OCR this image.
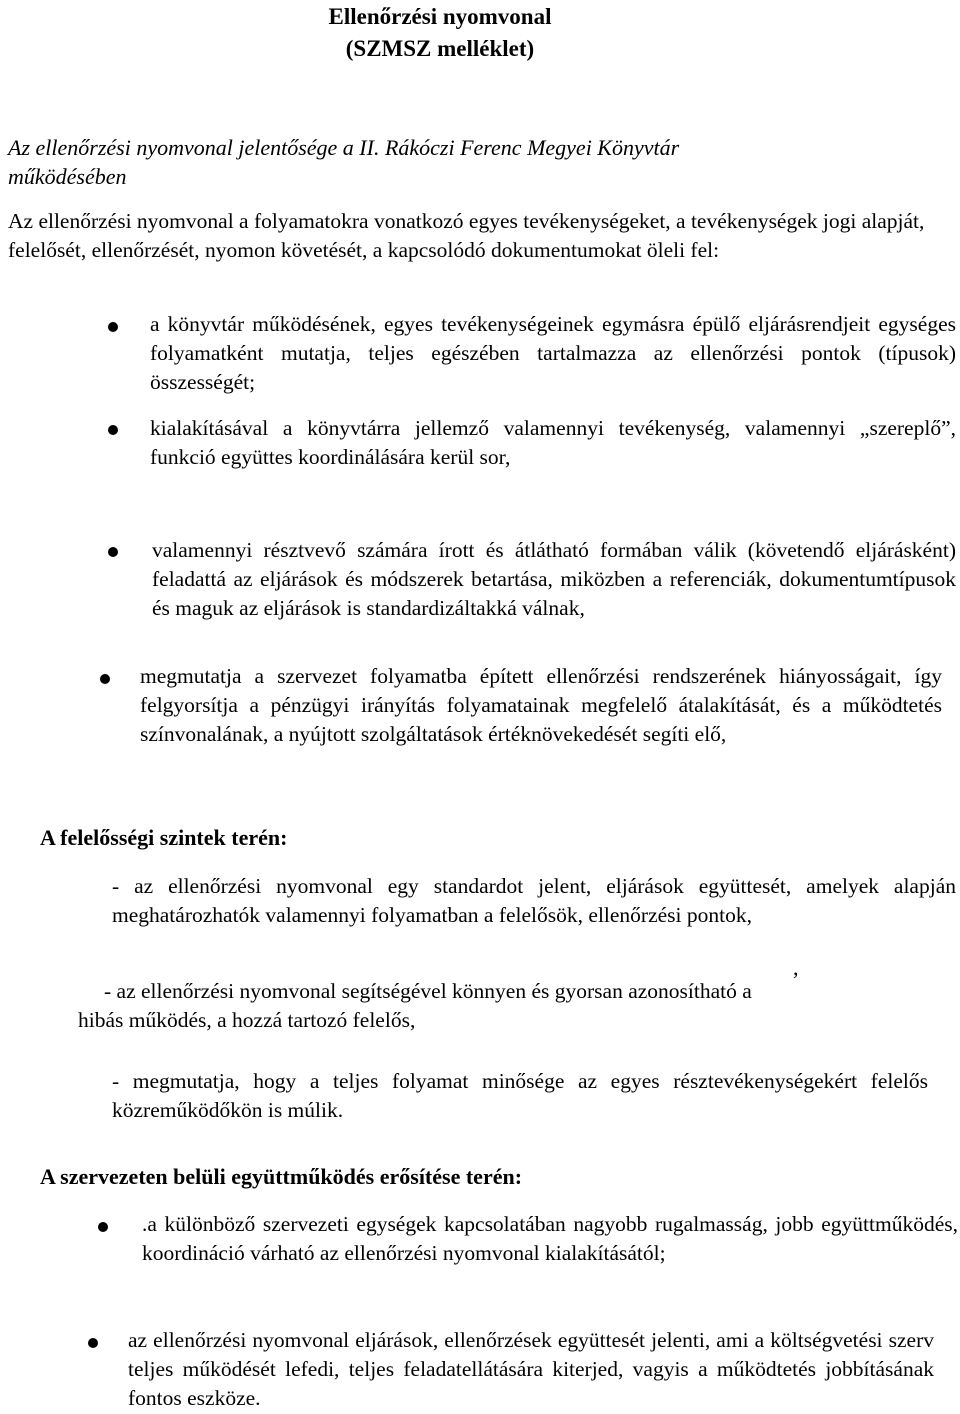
Ellenőrzési nyomvonal

(SZMSZ melléklet)

Az ellenőrzési nyomvonal jelentősége a II. Rákóczi Ferenc Megyei Könyvtár

működésében

Az ellenőrzési nyomvonal a folyamatokra vonatkozó egyes tevékenységeket, a tevékenységek jogi alapját, felelősét, ellenőrzését, nyomon követését, a kapcsolódó dokumentumokat öleli fel:

a könyvtár működésének, egyes tevékenységeinek egymásra épülő eljárásrendjeit egységes folyamatként mutatja, teljes egészében tartalmazza az ellenőrzési pontok (típusok) összességét;

kialakításával a könyvtárra jellemző valamennyi tevékenység, valamennyi „szereplő”, funkció együttes koordinálására kerül sor,

valamennyi résztvevő számára írott és átlátható formában válik (követendő eljárásként) feladattá az eljárások és módszerek betartása, miközben a referenciák, dokumentumtípusok és maguk az eljárások is standardizáltakká válnak,

megmutatja a szervezet folyamatba épített ellenőrzési rendszerének hiányosságait, így felgyorsítja a pénzügyi irányítás folyamatainak megfelelő átalakítását, és a működtetés színvonalának, a nyújtott szolgáltatások értéknövekedését segíti elő,

A felelősségi szintek terén:

- az ellenőrzési nyomvonal egy standardot jelent, eljárások együttesét, amelyek alapján meghatározhatók valamennyi folyamatban a felelősök, ellenőrzési pontok,

,

- az ellenőrzési nyomvonal segítségével könnyen és gyorsan azonosítható a

hibás működés, a hozzá tartozó felelős,

- megmutatja, hogy a teljes folyamat minősége az egyes résztevékenységekért felelős közreműködőkön is múlik.

A szervezeten belüli együttműködés erősítése terén:

.a különböző szervezeti egységek kapcsolatában nagyobb rugalmasság, jobb együttműködés, koordináció várható az ellenőrzési nyomvonal kialakításától;

az ellenőrzési nyomvonal eljárások, ellenőrzések együttesét jelenti, ami a költségvetési szerv teljes működését lefedi, teljes feladatellátására kiterjed, vagyis a működtetés jobbításának fontos eszköze.
